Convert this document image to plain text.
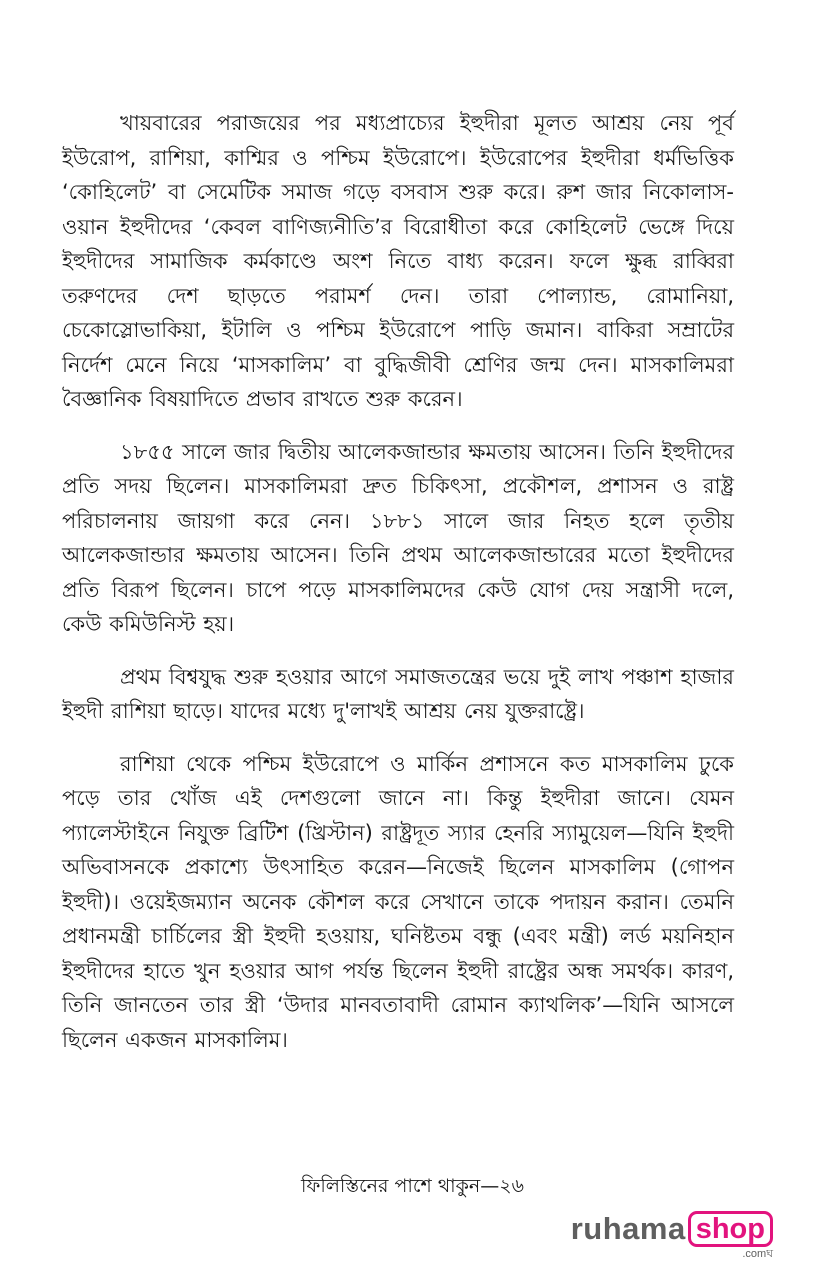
খায়বারের পরাজয়ের পর মধ্যপ্রাচ্যের ইহুদীরা মূলত আশ্রয় নেয় পূর্ব ইউরোপ, রাশিয়া, কাশ্মির ও পশ্চিম ইউরোপে। ইউরোপের ইহুদীরা ধর্মভিত্তিক ‘কোহিলেট’ বা সেমেটিক সমাজ গড়ে বসবাস শুরু করে। রুশ জার নিকোলাস-ওয়ান ইহুদীদের ‘কেবল বাণিজ্যনীতি’র বিরোধীতা করে কোহিলেট ভেঙ্গে দিয়ে ইহুদীদের সামাজিক কর্মকাণ্ডে অংশ নিতে বাধ্য করেন। ফলে ক্ষুব্ধ রাব্বিরা তরুণদের দেশ ছাড়তে পরামর্শ দেন। তারা পোল্যান্ড, রোমানিয়া, চেকোস্লোভাকিয়া, ইটালি ও পশ্চিম ইউরোপে পাড়ি জমান। বাকিরা সম্রাটের নির্দেশ মেনে নিয়ে ‘মাসকালিম’ বা বুদ্ধিজীবী শ্রেণির জন্ম দেন। মাসকালিমরা বৈজ্ঞানিক বিষয়াদিতে প্রভাব রাখতে শুরু করেন।

১৮৫৫ সালে জার দ্বিতীয় আলেকজান্ডার ক্ষমতায় আসেন। তিনি ইহুদীদের প্রতি সদয় ছিলেন। মাসকালিমরা দ্রুত চিকিৎসা, প্রকৌশল, প্রশাসন ও রাষ্ট্র পরিচালনায় জায়গা করে নেন। ১৮৮১ সালে জার নিহত হলে তৃতীয় আলেকজান্ডার ক্ষমতায় আসেন। তিনি প্রথম আলেকজান্ডারের মতো ইহুদীদের প্রতি বিরূপ ছিলেন। চাপে পড়ে মাসকালিমদের কেউ যোগ দেয় সন্ত্রাসী দলে, কেউ কমিউনিস্ট হয়।

প্রথম বিশ্বযুদ্ধ শুরু হওয়ার আগে সমাজতন্ত্রের ভয়ে দুই লাখ পঞ্চাশ হাজার ইহুদী রাশিয়া ছাড়ে। যাদের মধ্যে দু'লাখই আশ্রয় নেয় যুক্তরাষ্ট্রে।

রাশিয়া থেকে পশ্চিম ইউরোপে ও মার্কিন প্রশাসনে কত মাসকালিম ঢুকে পড়ে তার খোঁজ এই দেশগুলো জানে না। কিন্তু ইহুদীরা জানে। যেমন প্যালেস্টাইনে নিযুক্ত ব্রিটিশ (খ্রিস্টান) রাষ্ট্রদূত স্যার হেনরি স্যামুয়েল—যিনি ইহুদী অভিবাসনকে প্রকাশ্যে উৎসাহিত করেন—নিজেই ছিলেন মাসকালিম (গোপন ইহুদী)। ওয়েইজম্যান অনেক কৌশল করে সেখানে তাকে পদায়ন করান। তেমনি প্রধানমন্ত্রী চার্চিলের স্ত্রী ইহুদী হওয়ায়, ঘনিষ্টতম বন্ধু (এবং মন্ত্রী) লর্ড ময়নিহান ইহুদীদের হাতে খুন হওয়ার আগ পর্যন্ত ছিলেন ইহুদী রাষ্ট্রের অন্ধ সমর্থক। কারণ, তিনি জানতেন তার স্ত্রী ‘উদার মানবতাবাদী রোমান ক্যাথলিক’—যিনি আসলে ছিলেন একজন মাসকালিম।

ফিলিস্তিনের পাশে থাকুন—২৬
ruhama shop
.comঘ
